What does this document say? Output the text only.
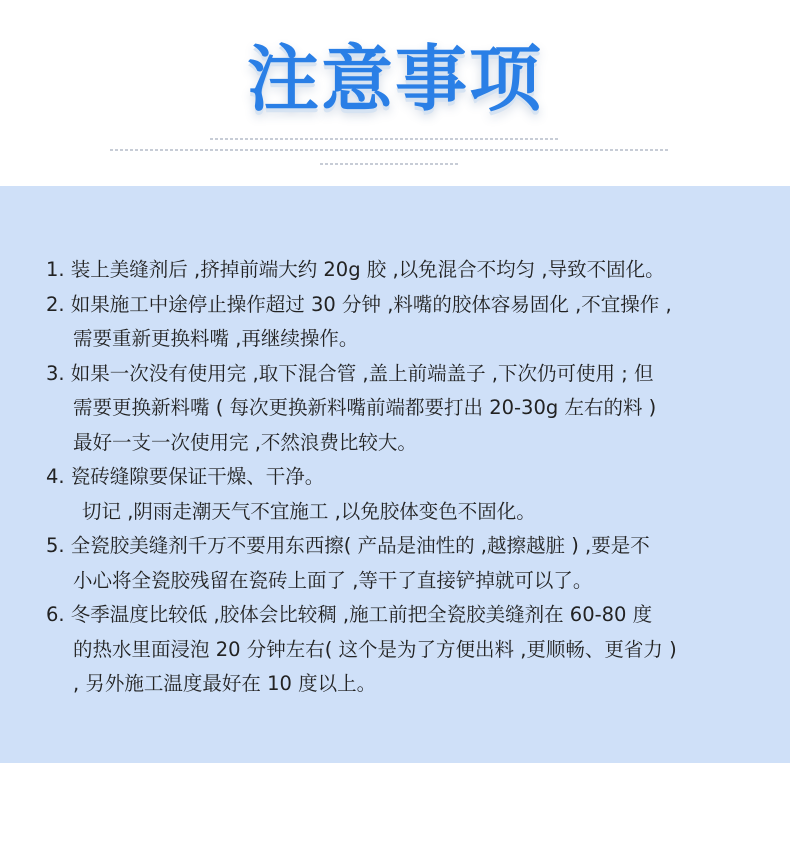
注意事项
1. 装上美缝剂后 ,挤掉前端大约 20g 胶 ,以免混合不均匀 ,导致不固化。
2. 如果施工中途停止操作超过 30 分钟 ,料嘴的胶体容易固化 ,不宜操作 ,
需要重新更换料嘴 ,再继续操作。
3. 如果一次没有使用完 ,取下混合管 ,盖上前端盖子 ,下次仍可使用 ; 但
需要更换新料嘴 ( 每次更换新料嘴前端都要打出 20-30g 左右的料 )
最好一支一次使用完 ,不然浪费比较大。
4. 瓷砖缝隙要保证干燥、干净。
切记 ,阴雨走潮天气不宜施工 ,以免胶体变色不固化。
5. 全瓷胶美缝剂千万不要用东西擦( 产品是油性的 ,越擦越脏 ) ,要是不
小心将全瓷胶残留在瓷砖上面了 ,等干了直接铲掉就可以了。
6. 冬季温度比较低 ,胶体会比较稠 ,施工前把全瓷胶美缝剂在 60-80 度
的热水里面浸泡 20 分钟左右( 这个是为了方便出料 ,更顺畅、更省力 )
, 另外施工温度最好在 10 度以上。
